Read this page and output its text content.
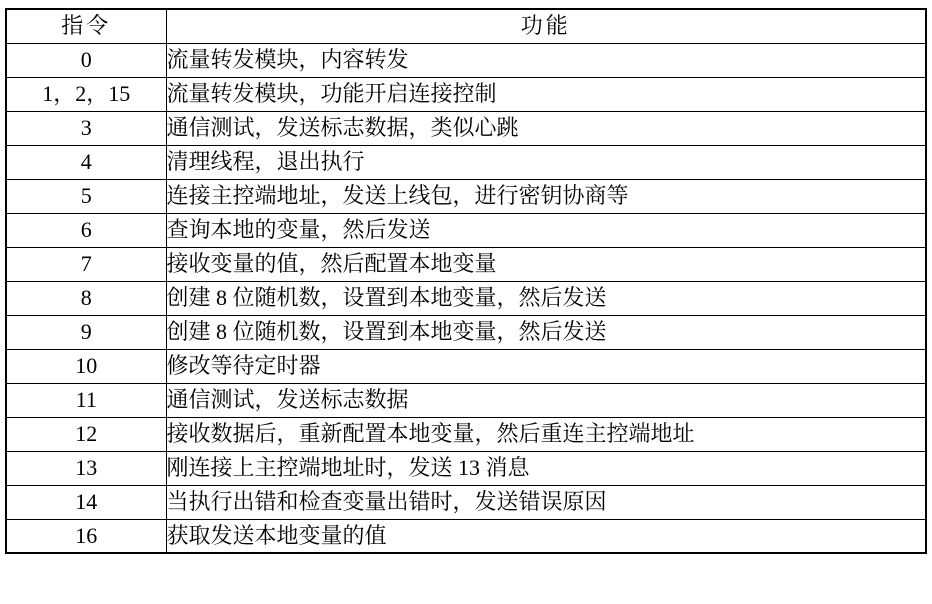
指令	功能
0	流量转发模块，内容转发
1，2，15	流量转发模块，功能开启连接控制
3	通信测试，发送标志数据，类似心跳
4	清理线程，退出执行
5	连接主控端地址，发送上线包，进行密钥协商等
6	查询本地的变量，然后发送
7	接收变量的值，然后配置本地变量
8	创建 8 位随机数，设置到本地变量，然后发送
9	创建 8 位随机数，设置到本地变量，然后发送
10	修改等待定时器
11	通信测试，发送标志数据
12	接收数据后，重新配置本地变量，然后重连主控端地址
13	刚连接上主控端地址时，发送 13 消息
14	当执行出错和检查变量出错时，发送错误原因
16	获取发送本地变量的值
